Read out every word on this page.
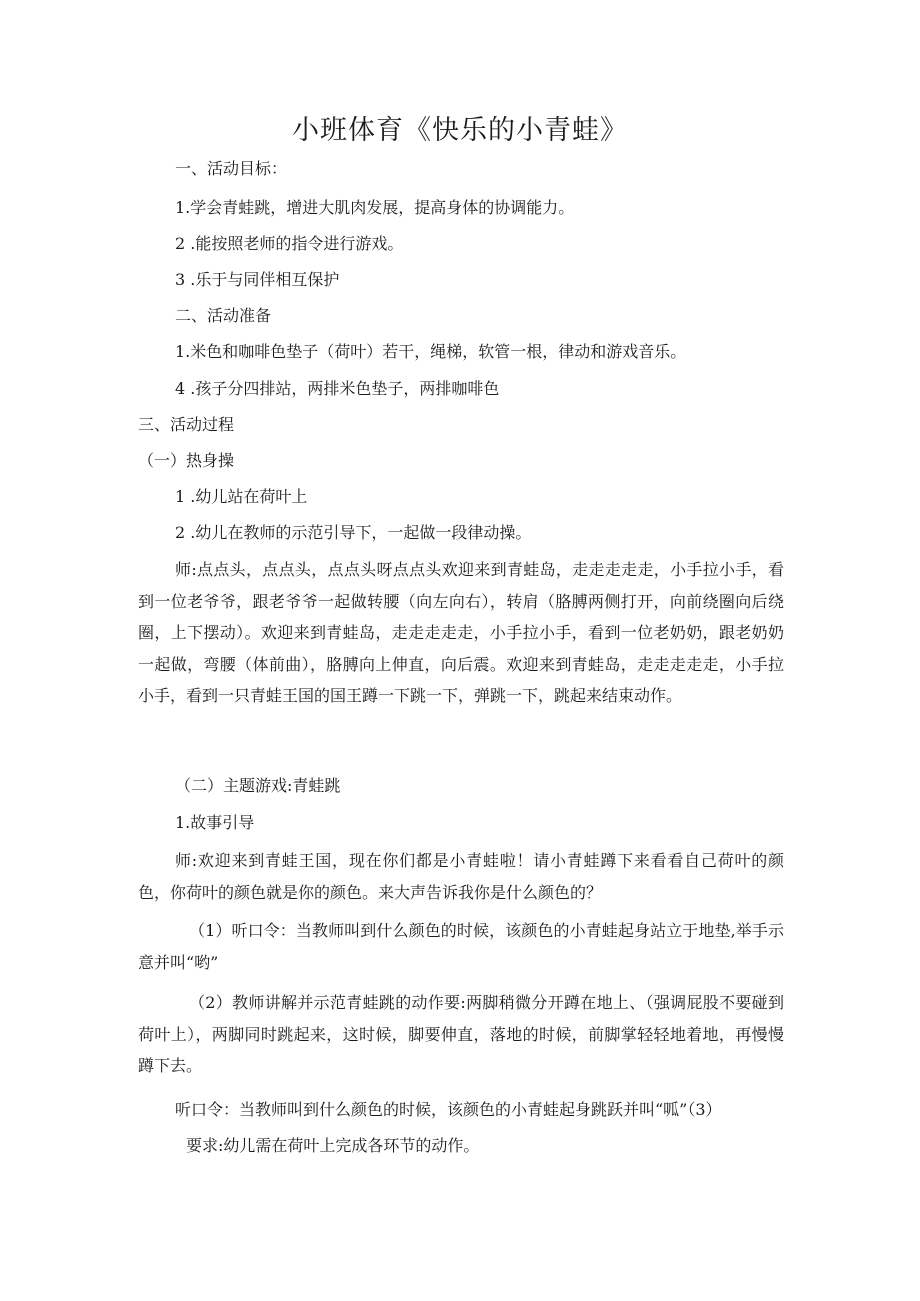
小班体育《快乐的小青蛙》
一、活动目标：
1.学会青蛙跳，增进大肌肉发展，提高身体的协调能力。
2 .能按照老师的指令进行游戏。
3 .乐于与同伴相互保护
二、活动准备
1.米色和咖啡色垫子（荷叶）若干，绳梯，软管一根，律动和游戏音乐。
4 .孩子分四排站，两排米色垫子，两排咖啡色
三、活动过程
（一）热身操
1 .幼儿站在荷叶上
2 .幼儿在教师的示范引导下，一起做一段律动操。
师:点点头，点点头，点点头呀点点头欢迎来到青蛙岛，走走走走走，小手拉小手，看到一位老爷爷，跟老爷爷一起做转腰（向左向右），转肩（胳膊两侧打开，向前绕圈向后绕圈，上下摆动）。欢迎来到青蛙岛，走走走走走，小手拉小手，看到一位老奶奶，跟老奶奶一起做，弯腰（体前曲），胳膊向上伸直，向后震。欢迎来到青蛙岛，走走走走走，小手拉小手，看到一只青蛙王国的国王蹲一下跳一下，弹跳一下，跳起来结束动作。
（二）主题游戏:青蛙跳
1.故事引导
师:欢迎来到青蛙王国，现在你们都是小青蛙啦！请小青蛙蹲下来看看自己荷叶的颜色，你荷叶的颜色就是你的颜色。来大声告诉我你是什么颜色的？
（1）听口令：当教师叫到什么颜色的时候，该颜色的小青蛙起身站立于地垫,举手示意并叫“哟”
（2）教师讲解并示范青蛙跳的动作要:两脚稍微分开蹲在地上、（强调屁股不要碰到荷叶上），两脚同时跳起来，这时候，脚要伸直，落地的时候，前脚掌轻轻地着地，再慢慢蹲下去。
听口令：当教师叫到什么颜色的时候，该颜色的小青蛙起身跳跃并叫“呱”（3）
要求:幼儿需在荷叶上完成各环节的动作。
